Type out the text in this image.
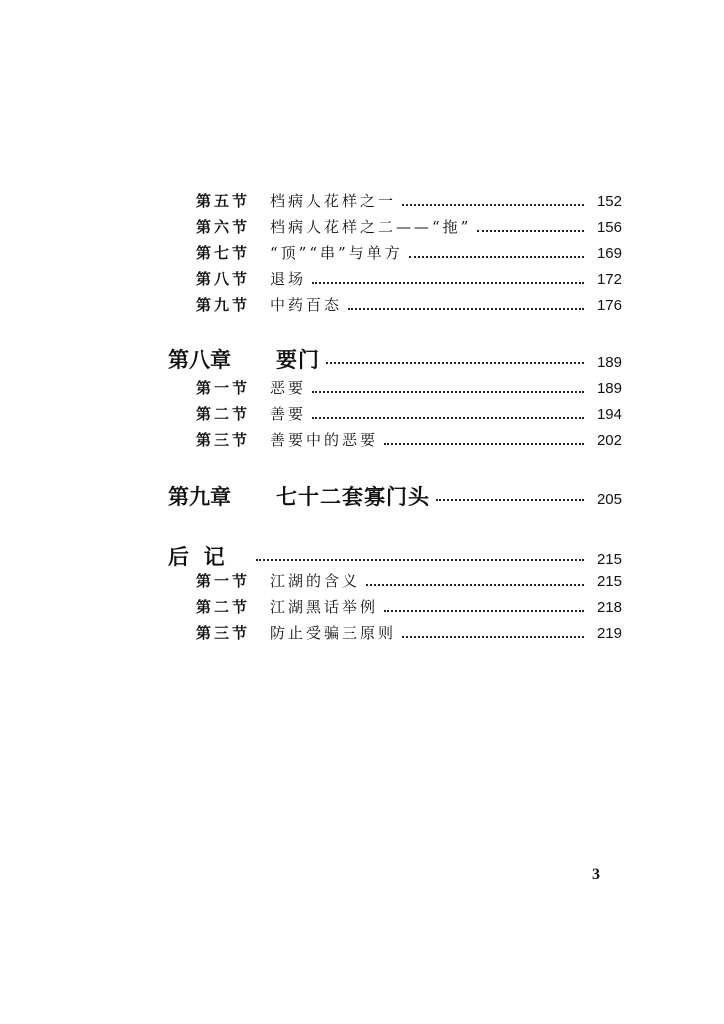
第五节	档病人花样之一	152
第六节	档病人花样之二——“拖”	156
第七节	“顶”“串”与单方	169
第八节	退场	172
第九节	中药百态	176
第八章	要门	189
第一节	恶要	189
第二节	善要	194
第三节	善要中的恶要	202
第九章	七十二套寡门头	205
后  记	215
第一节	江湖的含义	215
第二节	江湖黑话举例	218
第三节	防止受骗三原则	219
3
